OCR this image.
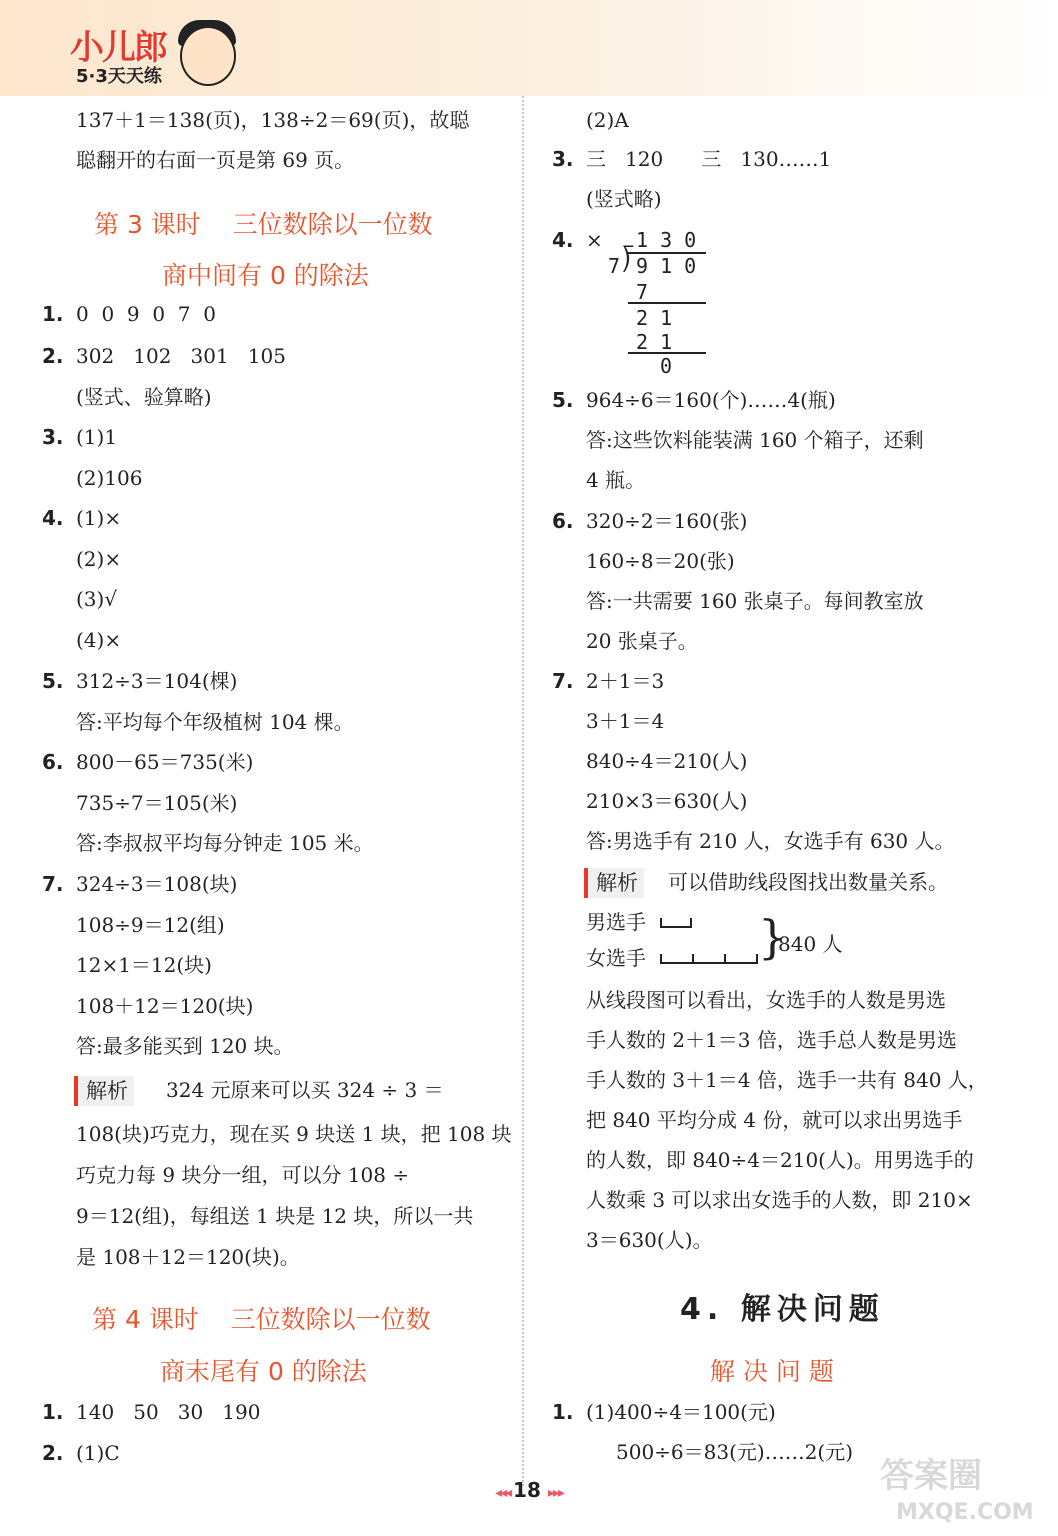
小儿郎
5·3天天练
137＋1＝138(页)，138÷2＝69(页)，故聪
聪翻开的右面一页是第 69 页。
第 3 课时    三位数除以一位数
商中间有 0 的除法
1. 0  0  9  0  7  0
2. 302   102   301   105
(竖式、验算略)
3. (1)1
(2)106
4. (1)×
(2)×
(3)√
(4)×
5. 312÷3＝104(棵)
答:平均每个年级植树 104 棵。
6. 800－65＝735(米)
735÷7＝105(米)
答:李叔叔平均每分钟走 105 米。
7. 324÷3＝108(块)
108÷9＝12(组)
12×1＝12(块)
108＋12＝120(块)
答:最多能买到 120 块。
解析	324 元原来可以买 324 ÷ 3 ＝
108(块)巧克力，现在买 9 块送 1 块，把 108 块
巧克力每 9 块分一组，可以分 108 ÷
9＝12(组)，每组送 1 块是 12 块，所以一共
是 108＋12＝120(块)。
第 4 课时    三位数除以一位数
商末尾有 0 的除法
1. 140   50   30   190
2. (1)C
(2)A
3. 三   120      三   130……1
(竖式略)
4. × 1 3 0
7 ⟌ 9 1 0
7
2 1
2 1
0
5. 964÷6＝160(个)……4(瓶)
答:这些饮料能装满 160 个箱子，还剩
4 瓶。
6. 320÷2＝160(张)
160÷8＝20(张)
答:一共需要 160 张桌子。每间教室放
20 张桌子。
7. 2＋1＝3
3＋1＝4
840÷4＝210(人)
210×3＝630(人)
答:男选手有 210 人，女选手有 630 人。
解析	可以借助线段图找出数量关系。
男选手
女选手 }
840 人
从线段图可以看出，女选手的人数是男选
手人数的 2＋1＝3 倍，选手总人数是男选
手人数的 3＋1＝4 倍，选手一共有 840 人，
把 840 平均分成 4 份，就可以求出男选手
的人数，即 840÷4＝210(人)。用男选手的
人数乘 3 可以求出女选手的人数，即 210×
3＝630(人)。
4. 解决问题
解 决 问 题
1. (1)400÷4＝100(元)
500÷6＝83(元)……2(元)
◂◂◂ 18 ▸▸▸	答案圈
MXQE.COM
